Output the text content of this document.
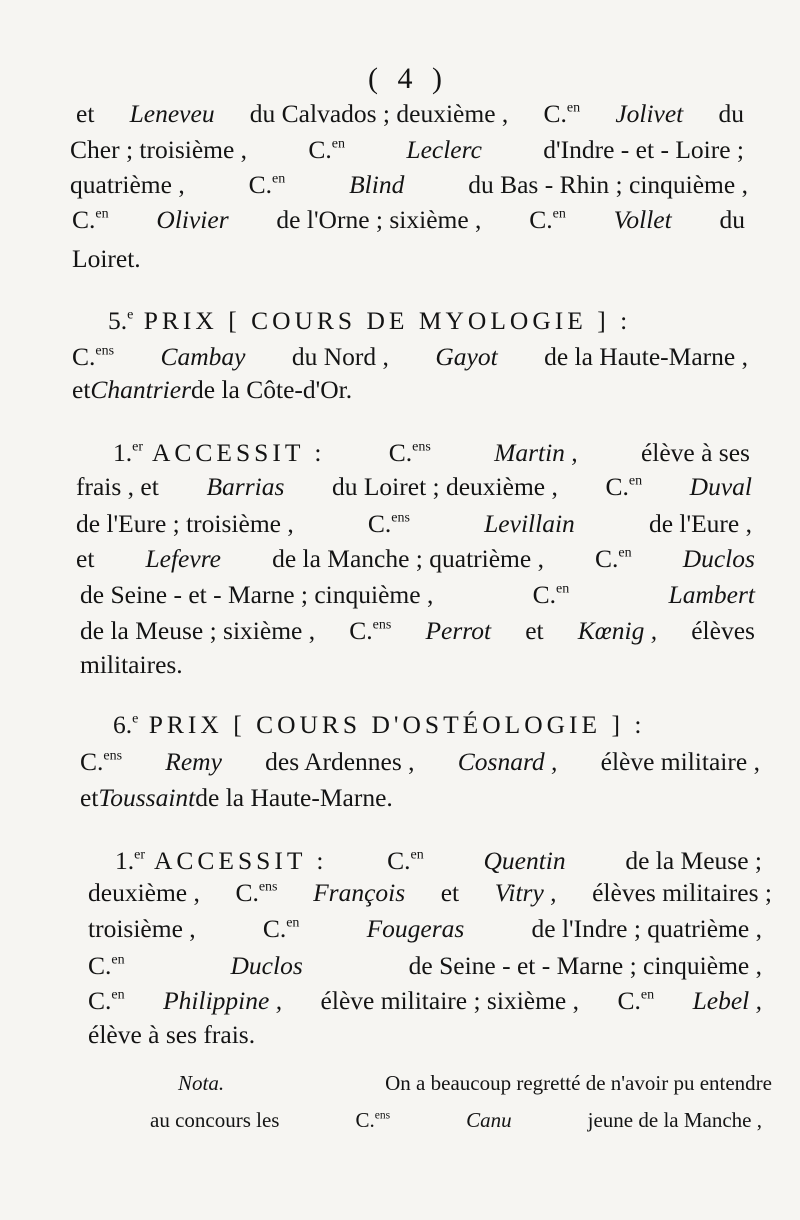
( 4 )
et Leneveu du Calvados ; deuxième , C.$^{en}$ Jolivet du
Cher ; troisième , C.$^{en}$ Leclerc d'Indre - et - Loire ;
quatrième ,	C.$^{en}$	Blind	du Bas - Rhin ; cinquième ,
C.$^{en}$ Olivier de l'Orne ; sixième , C.$^{en}$ Vollet du
Loiret.
5.$^e$ PRIX [ COURS DE MYOLOGIE ] :
C.$^{ens}$ Cambay du Nord , Gayot de la Haute-Marne ,
etChantrierde la Côte-d'Or.
1.$^{er}$ ACCESSIT : C.$^{ens}$ Martin , élève à ses
frais , et Barrias du Loiret ; deuxième , C.$^{en}$ Duval
de l'Eure ; troisième ,	C.$^{ens}$	Levillain	de l'Eure ,
et Lefevre de la Manche ; quatrième , C.$^{en}$ Duclos
de Seine - et - Marne ; cinquième ,	C.$^{en}$	Lambert
de la Meuse ; sixième , C.$^{ens}$ Perrot et Kœnig , élèves
militaires.
6.$^e$ PRIX [ COURS D'OSTÉOLOGIE ] :
C.$^{ens}$ Remy des Ardennes , Cosnard , élève militaire ,
etToussaintde la Haute-Marne.
1.$^{er}$ ACCESSIT : C.$^{en}$ Quentin de la Meuse ;
deuxième , C.$^{ens}$ François et Vitry , élèves militaires ;
troisième ,	C.$^{en}$	Fougeras	de l'Indre ; quatrième ,
C.$^{en}$	Duclos	de Seine - et - Marne ; cinquième ,
C.$^{en}$ Philippine , élève militaire ; sixième , C.$^{en}$ Lebel ,
élève à ses frais.
Nota.	On a beaucoup regretté de n'avoir pu entendre
au concours les	C.$^{ens}$	Canu	jeune de la Manche ,
